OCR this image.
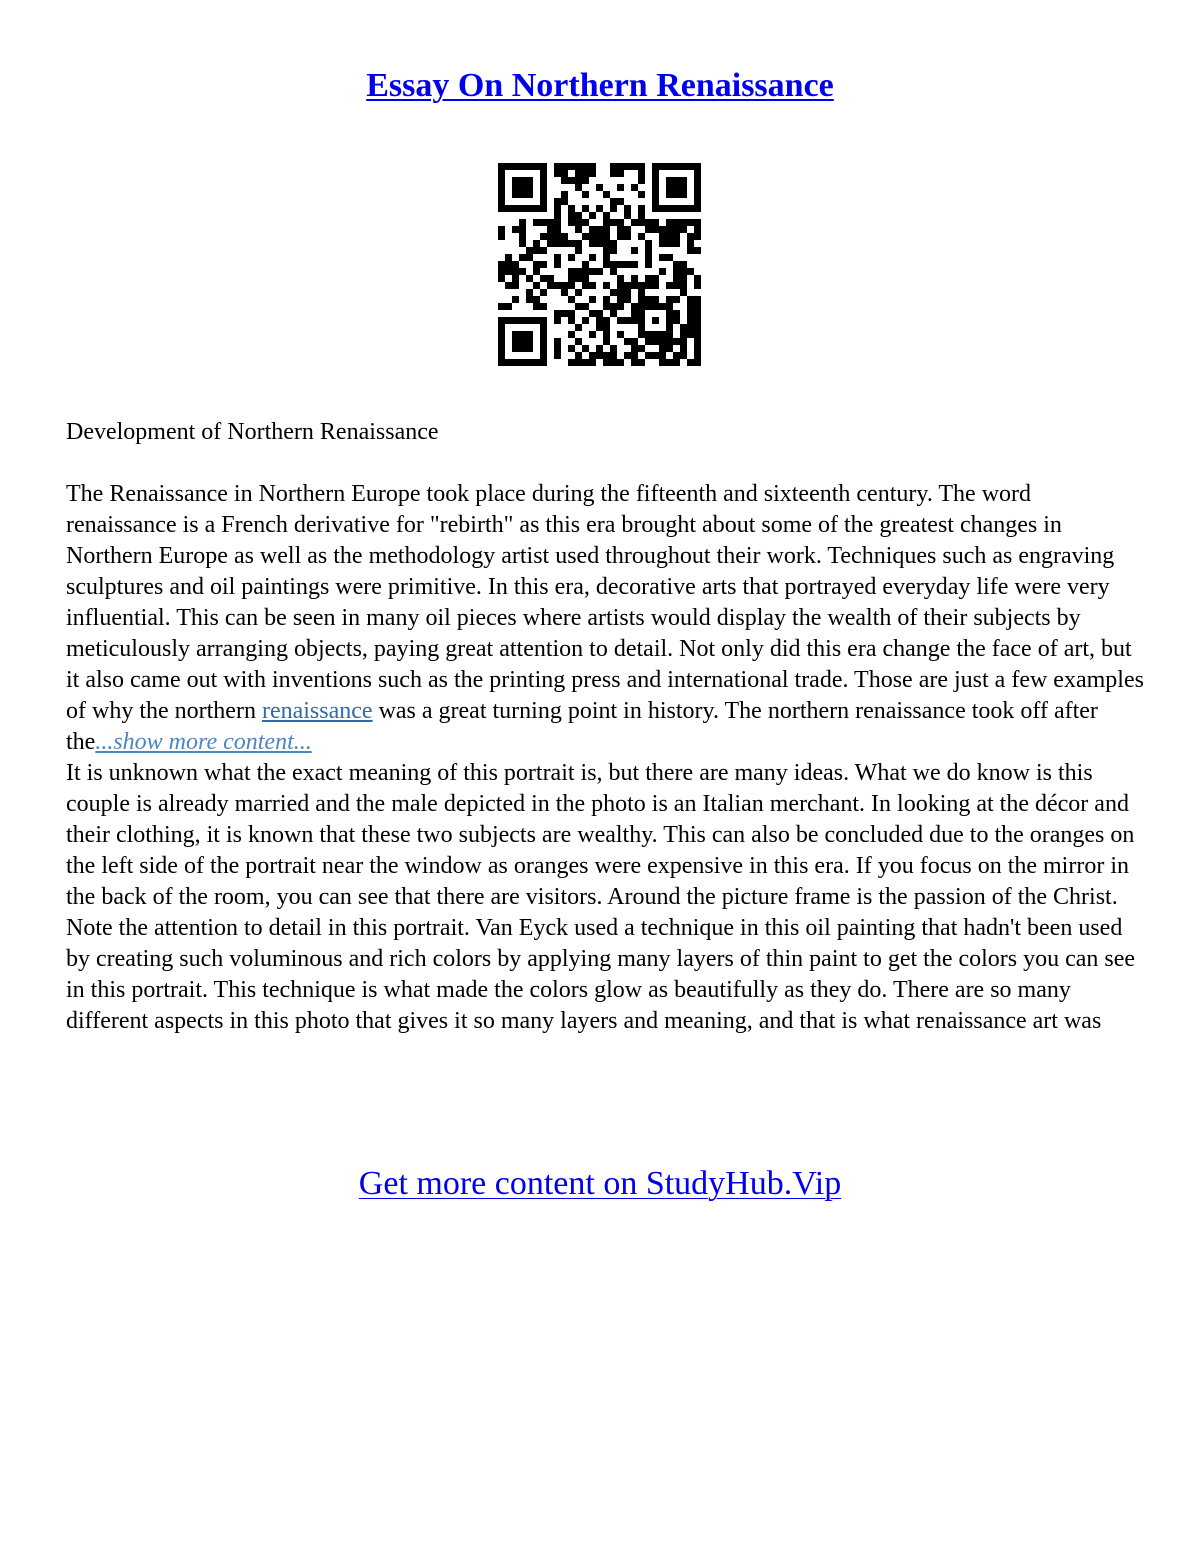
Essay On Northern Renaissance

Development of Northern Renaissance

The Renaissance in Northern Europe took place during the fifteenth and sixteenth century. The word renaissance is a French derivative for "rebirth" as this era brought about some of the greatest changes in Northern Europe as well as the methodology artist used throughout their work. Techniques such as engraving sculptures and oil paintings were primitive. In this era, decorative arts that portrayed everyday life were very influential. This can be seen in many oil pieces where artists would display the wealth of their subjects by meticulously arranging objects, paying great attention to detail. Not only did this era change the face of art, but it also came out with inventions such as the printing press and international trade. Those are just a few examples of why the northern renaissance was a great turning point in history. The northern renaissance took off after the...show more content...

It is unknown what the exact meaning of this portrait is, but there are many ideas. What we do know is this couple is already married and the male depicted in the photo is an Italian merchant. In looking at the décor and their clothing, it is known that these two subjects are wealthy. This can also be concluded due to the oranges on the left side of the portrait near the window as oranges were expensive in this era. If you focus on the mirror in the back of the room, you can see that there are visitors. Around the picture frame is the passion of the Christ. Note the attention to detail in this portrait. Van Eyck used a technique in this oil painting that hadn't been used by creating such voluminous and rich colors by applying many layers of thin paint to get the colors you can see in this portrait. This technique is what made the colors glow as beautifully as they do. There are so many different aspects in this photo that gives it so many layers and meaning, and that is what renaissance art was

Get more content on StudyHub.Vip
